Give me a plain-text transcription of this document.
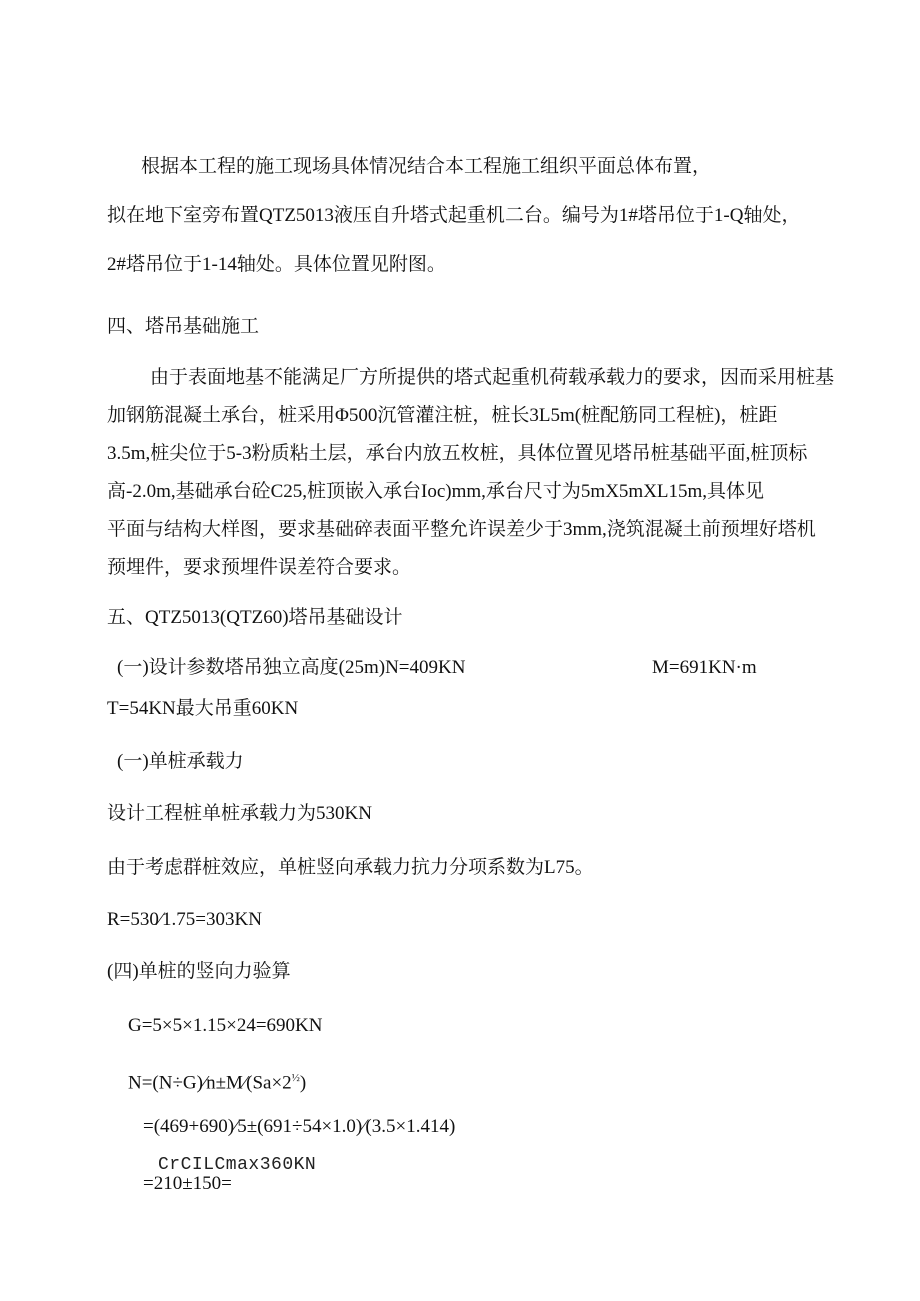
根据本工程的施工现场具体情况结合本工程施工组织平面总体布置，
拟在地下室旁布置QTZ5013液压自升塔式起重机二台。编号为1#塔吊位于1-Q轴处，
2#塔吊位于1-14轴处。具体位置见附图。
四、塔吊基础施工
由于表面地基不能满足厂方所提供的塔式起重机荷载承载力的要求，因而采用桩基
加钢筋混凝土承台，桩采用Φ500沉管灌注桩，桩长3L5m(桩配筋同工程桩)，桩距
3.5m,桩尖位于5-3粉质粘土层，承台内放五枚桩，具体位置见塔吊桩基础平面,桩顶标
高-2.0m,基础承台砼C25,桩顶嵌入承台Ioc)mm,承台尺寸为5mX5mXL15m,具体见
平面与结构大样图，要求基础碎表面平整允许误差少于3mm,浇筑混凝土前预埋好塔机
预埋件，要求预埋件误差符合要求。
五、QTZ5013(QTZ60)塔吊基础设计
(一)设计参数塔吊独立高度(25m)N=409KN	M=691KN·m
T=54KN最大吊重60KN
(一)单桩承载力
设计工程桩单桩承载力为530KN
由于考虑群桩效应，单桩竖向承载力抗力分项系数为L75。
R=530⁄1.75=303KN
(四)单桩的竖向力验算
G=5×5×1.15×24=690KN
$N=(N\div G)⁄n\pm M⁄(Sa\times 2^{\frac{1}{2}})$
=(469+690)⁄5±(691÷54×1.0)⁄(3.5×1.414)
CrCILCmax360KN
=210±150=
